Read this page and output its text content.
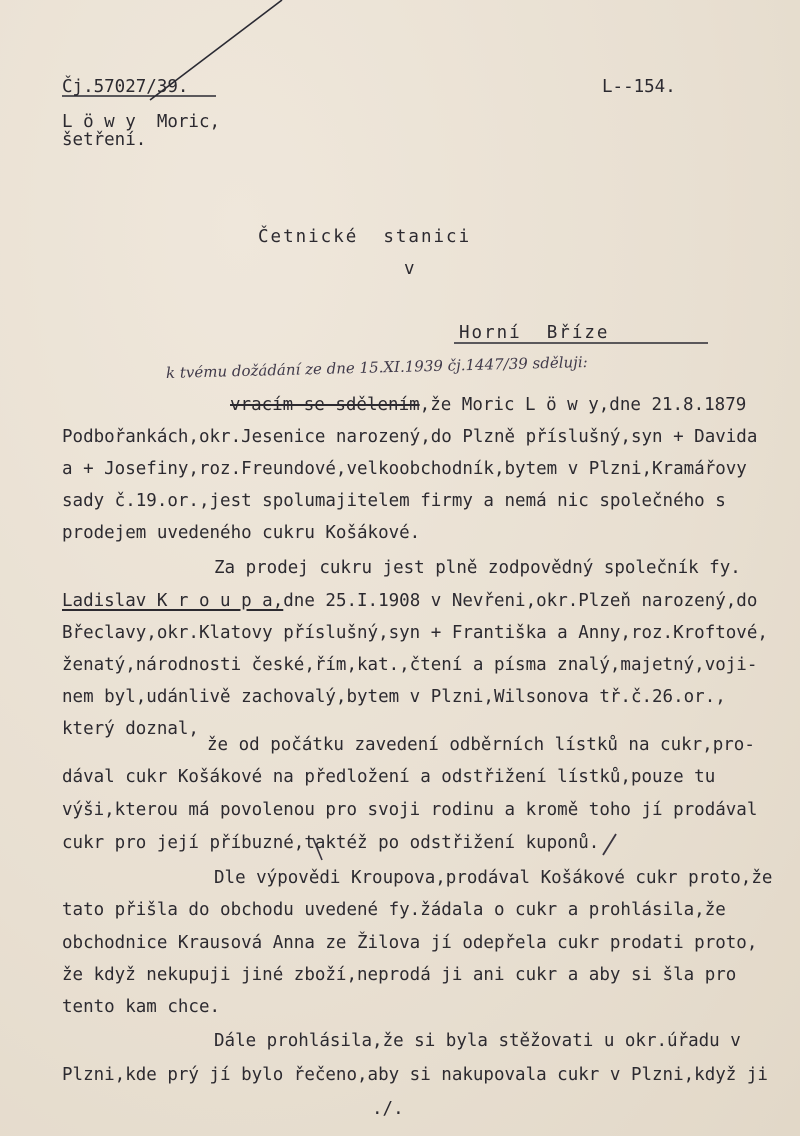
Čj.57027/39.	L--154.
L ö w y  Moric,
šetření.
Četnické  stanici
v
Horní  Bříze
k tvému dožádání ze dne 15.XI.1939 čj.1447/39 sděluji:
vracím se sdělením,že Moric L ö w y,dne 21.8.1879
Podbořankách,okr.Jesenice narozený,do Plzně příslušný,syn + Davida
a + Josefiny,roz.Freundové,velkoobchodník,bytem v Plzni,Kramářovy
sady č.19.or.,jest spolumajitelem firmy a nemá nic společného s
prodejem uvedeného cukru Košákové.
Za prodej cukru jest plně zodpovědný společník fy.
Ladislav K r o u p a,dne 25.I.1908 v Nevřeni,okr.Plzeň narozený,do
Břeclavy,okr.Klatovy příslušný,syn + Františka a Anny,roz.Kroftové,
ženatý,národnosti české,řím,kat.,čtení a písma znalý,majetný,voji-
nem byl,udánlivě zachovalý,bytem v Plzni,Wilsonova tř.č.26.or.,
který doznal,
že od počátku zavedení odběrních lístků na cukr,pro-
dával cukr Košákové na předložení a odstřižení lístků,pouze tu
výši,kterou má povolenou pro svoji rodinu a kromě toho jí prodával
cukr pro její příbuzné,taktéž po odstřižení kuponů.
Dle výpovědi Kroupova,prodával Košákové cukr proto,že
tato přišla do obchodu uvedené fy.žádala o cukr a prohlásila,že
obchodnice Krausová Anna ze Žilova jí odepřela cukr prodati proto,
že když nekupuji jiné zboží,neprodá ji ani cukr a aby si šla pro
tento kam chce.
Dále prohlásila,že si byla stěžovati u okr.úřadu v
Plzni,kde prý jí bylo řečeno,aby si nakupovala cukr v Plzni,když ji
./.
